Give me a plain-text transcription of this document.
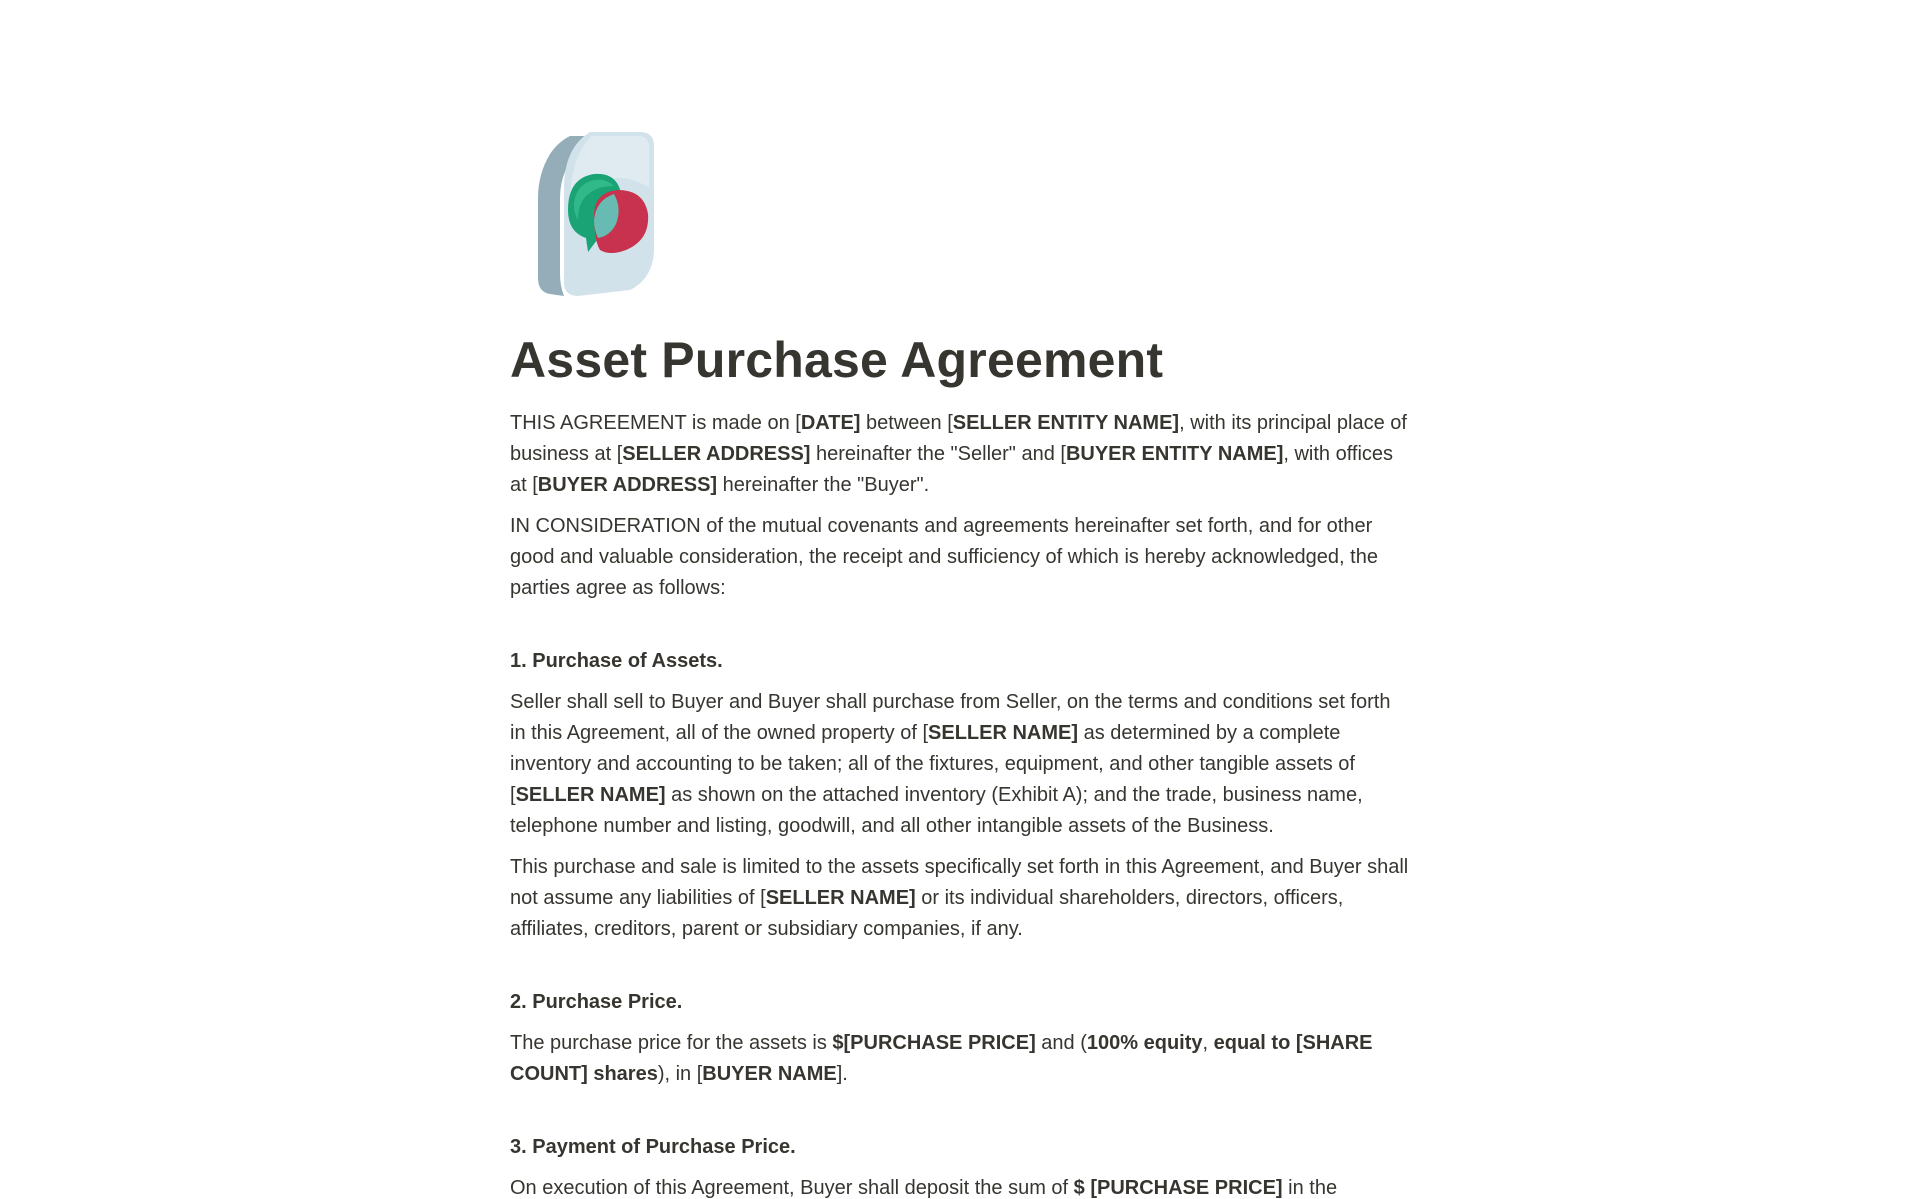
Asset Purchase Agreement

THIS AGREEMENT is made on [DATE] between [SELLER ENTITY NAME], with its principal place of business at [SELLER ADDRESS] hereinafter the "Seller" and [BUYER ENTITY NAME], with offices at [BUYER ADDRESS] hereinafter the "Buyer".

IN CONSIDERATION of the mutual covenants and agreements hereinafter set forth, and for other good and valuable consideration, the receipt and sufficiency of which is hereby acknowledged, the parties agree as follows:

1. Purchase of Assets.

Seller shall sell to Buyer and Buyer shall purchase from Seller, on the terms and conditions set forth in this Agreement, all of the owned property of [SELLER NAME] as determined by a complete inventory and accounting to be taken; all of the fixtures, equipment, and other tangible assets of [SELLER NAME] as shown on the attached inventory (Exhibit A); and the trade, business name, telephone number and listing, goodwill, and all other intangible assets of the Business.

This purchase and sale is limited to the assets specifically set forth in this Agreement, and Buyer shall not assume any liabilities of [SELLER NAME] or its individual shareholders, directors, officers, affiliates, creditors, parent or subsidiary companies, if any.

2. Purchase Price.

The purchase price for the assets is $[PURCHASE PRICE] and (100% equity, equal to [SHARE COUNT] shares), in [BUYER NAME].

3. Payment of Purchase Price.

On execution of this Agreement, Buyer shall deposit the sum of $ [PURCHASE PRICE] in the
